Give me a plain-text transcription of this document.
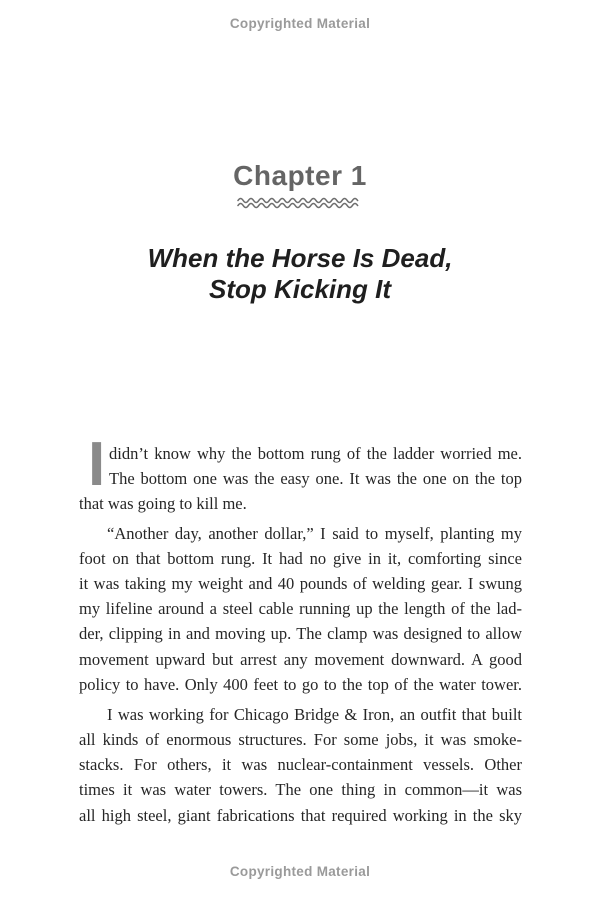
Copyrighted Material
Chapter 1
When the Horse Is Dead,
Stop Kicking It
I didn’t know why the bottom rung of the ladder worried me.
The bottom one was the easy one. It was the one on the top
that was going to kill me.
“Another day, another dollar,” I said to myself, planting my
foot on that bottom rung. It had no give in it, comforting since
it was taking my weight and 40 pounds of welding gear. I swung
my lifeline around a steel cable running up the length of the lad-
der, clipping in and moving up. The clamp was designed to allow
movement upward but arrest any movement downward. A good
policy to have. Only 400 feet to go to the top of the water tower.
I was working for Chicago Bridge & Iron, an outfit that built
all kinds of enormous structures. For some jobs, it was smoke-
stacks. For others, it was nuclear-containment vessels. Other
times it was water towers. The one thing in common—it was
all high steel, giant fabrications that required working in the sky
Copyrighted Material
